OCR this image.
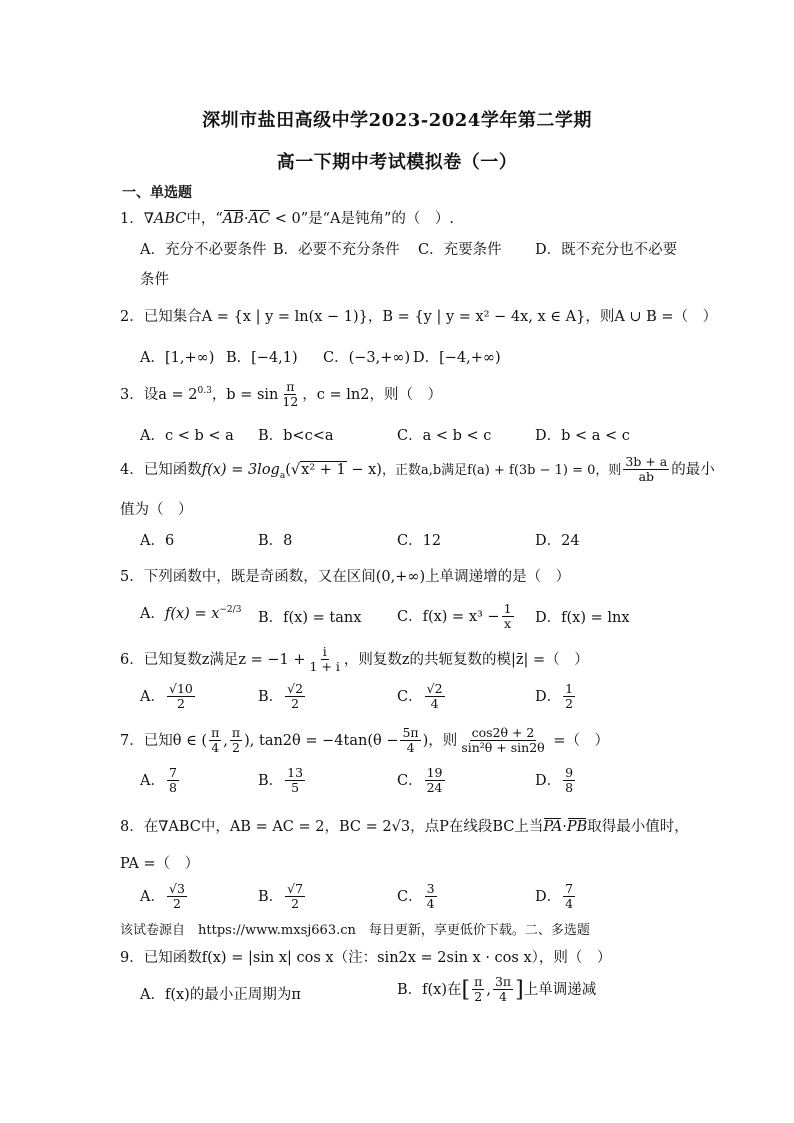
深圳市盐田高级中学2023-2024学年第二学期
高一下期中考试模拟卷（一）
一、单选题
1．∇ABC中，“AB·AC < 0”是“A是钝角”的（　）.
A．充分不必要条件 B．必要不充分条件 C．充要条件 D．既不充分也不必要
条件
2．已知集合A = {x | y = ln(x − 1)}，B = {y | y = x² − 4x, x ∈ A}，则A ∪ B =（　）
A．[1,+∞) B．[−4,1) C．(−3,+∞) D．[−4,+∞)
3．设$a = 2^{0.3}$，$b = \sin \frac{\pi}{12}$ ，c = ln2，则（　）
A．c < b < a B．b<c<a	C．a < b < c	D．b < a < c
4．已知函数$f(x) = 3\log_a(√x^2 + 1 - x)$，正数a,b满足f(a) + f(3b − 1) = 0，则 $\frac{3b + a}{ab}$ 的最小
值为（　）
A．6	B．8	C．12	D．24
5．下列函数中，既是奇函数，又在区间(0,+∞)上单调递增的是（　）
A．$f(x) = x^{-2/3}$ B．f(x) = tanx C．$f(x) = x^3 - \frac{1}{x}$ D．f(x) = lnx
6．已知复数z满足$z = -1 + \frac{i}{1 + i}$ ，则复数z的共轭复数的模|z̄| =（　）
A． $\frac{√10}{2}$	B． $\frac{√2}{2}$	C． $\frac{√2}{4}$	D． $\frac{1}{2}$
7．已知θ ∈ ( $\frac{\pi}{4}$ , $\frac{\pi}{2}$ ), $\tan 2\theta = -4\tan(\theta - \frac{5\pi}{4}$ )，则 $\frac{\cos 2\theta + 2}{\text{sin²θ + sin2θ}}$ =（　）
A． $\frac{7}{8}$	B． $\frac{13}{5}$	C． $\frac{19}{24}$	D． $\frac{9}{8}$
8．在∇ABC中，AB = AC = 2，BC = 2√3，点P在线段BC上当PA·PB取得最小值时，
PA =（　）
A． $\frac{√3}{2}$	B． $\frac{√7}{2}$	C． $\frac{3}{4}$	D． $\frac{7}{4}$
该试卷源自　https://www.mxsj663.cn　每日更新，享更低价下载。二、多选题
9．已知函数f(x) = |sin x| cos x（注：sin2x = 2sin x · cos x），则（　）
A．f(x)的最小正周期为π	B．f(x)在[ $\frac{\pi}{2}$ , $\frac{3\pi}{4}$ ]上单调递减
